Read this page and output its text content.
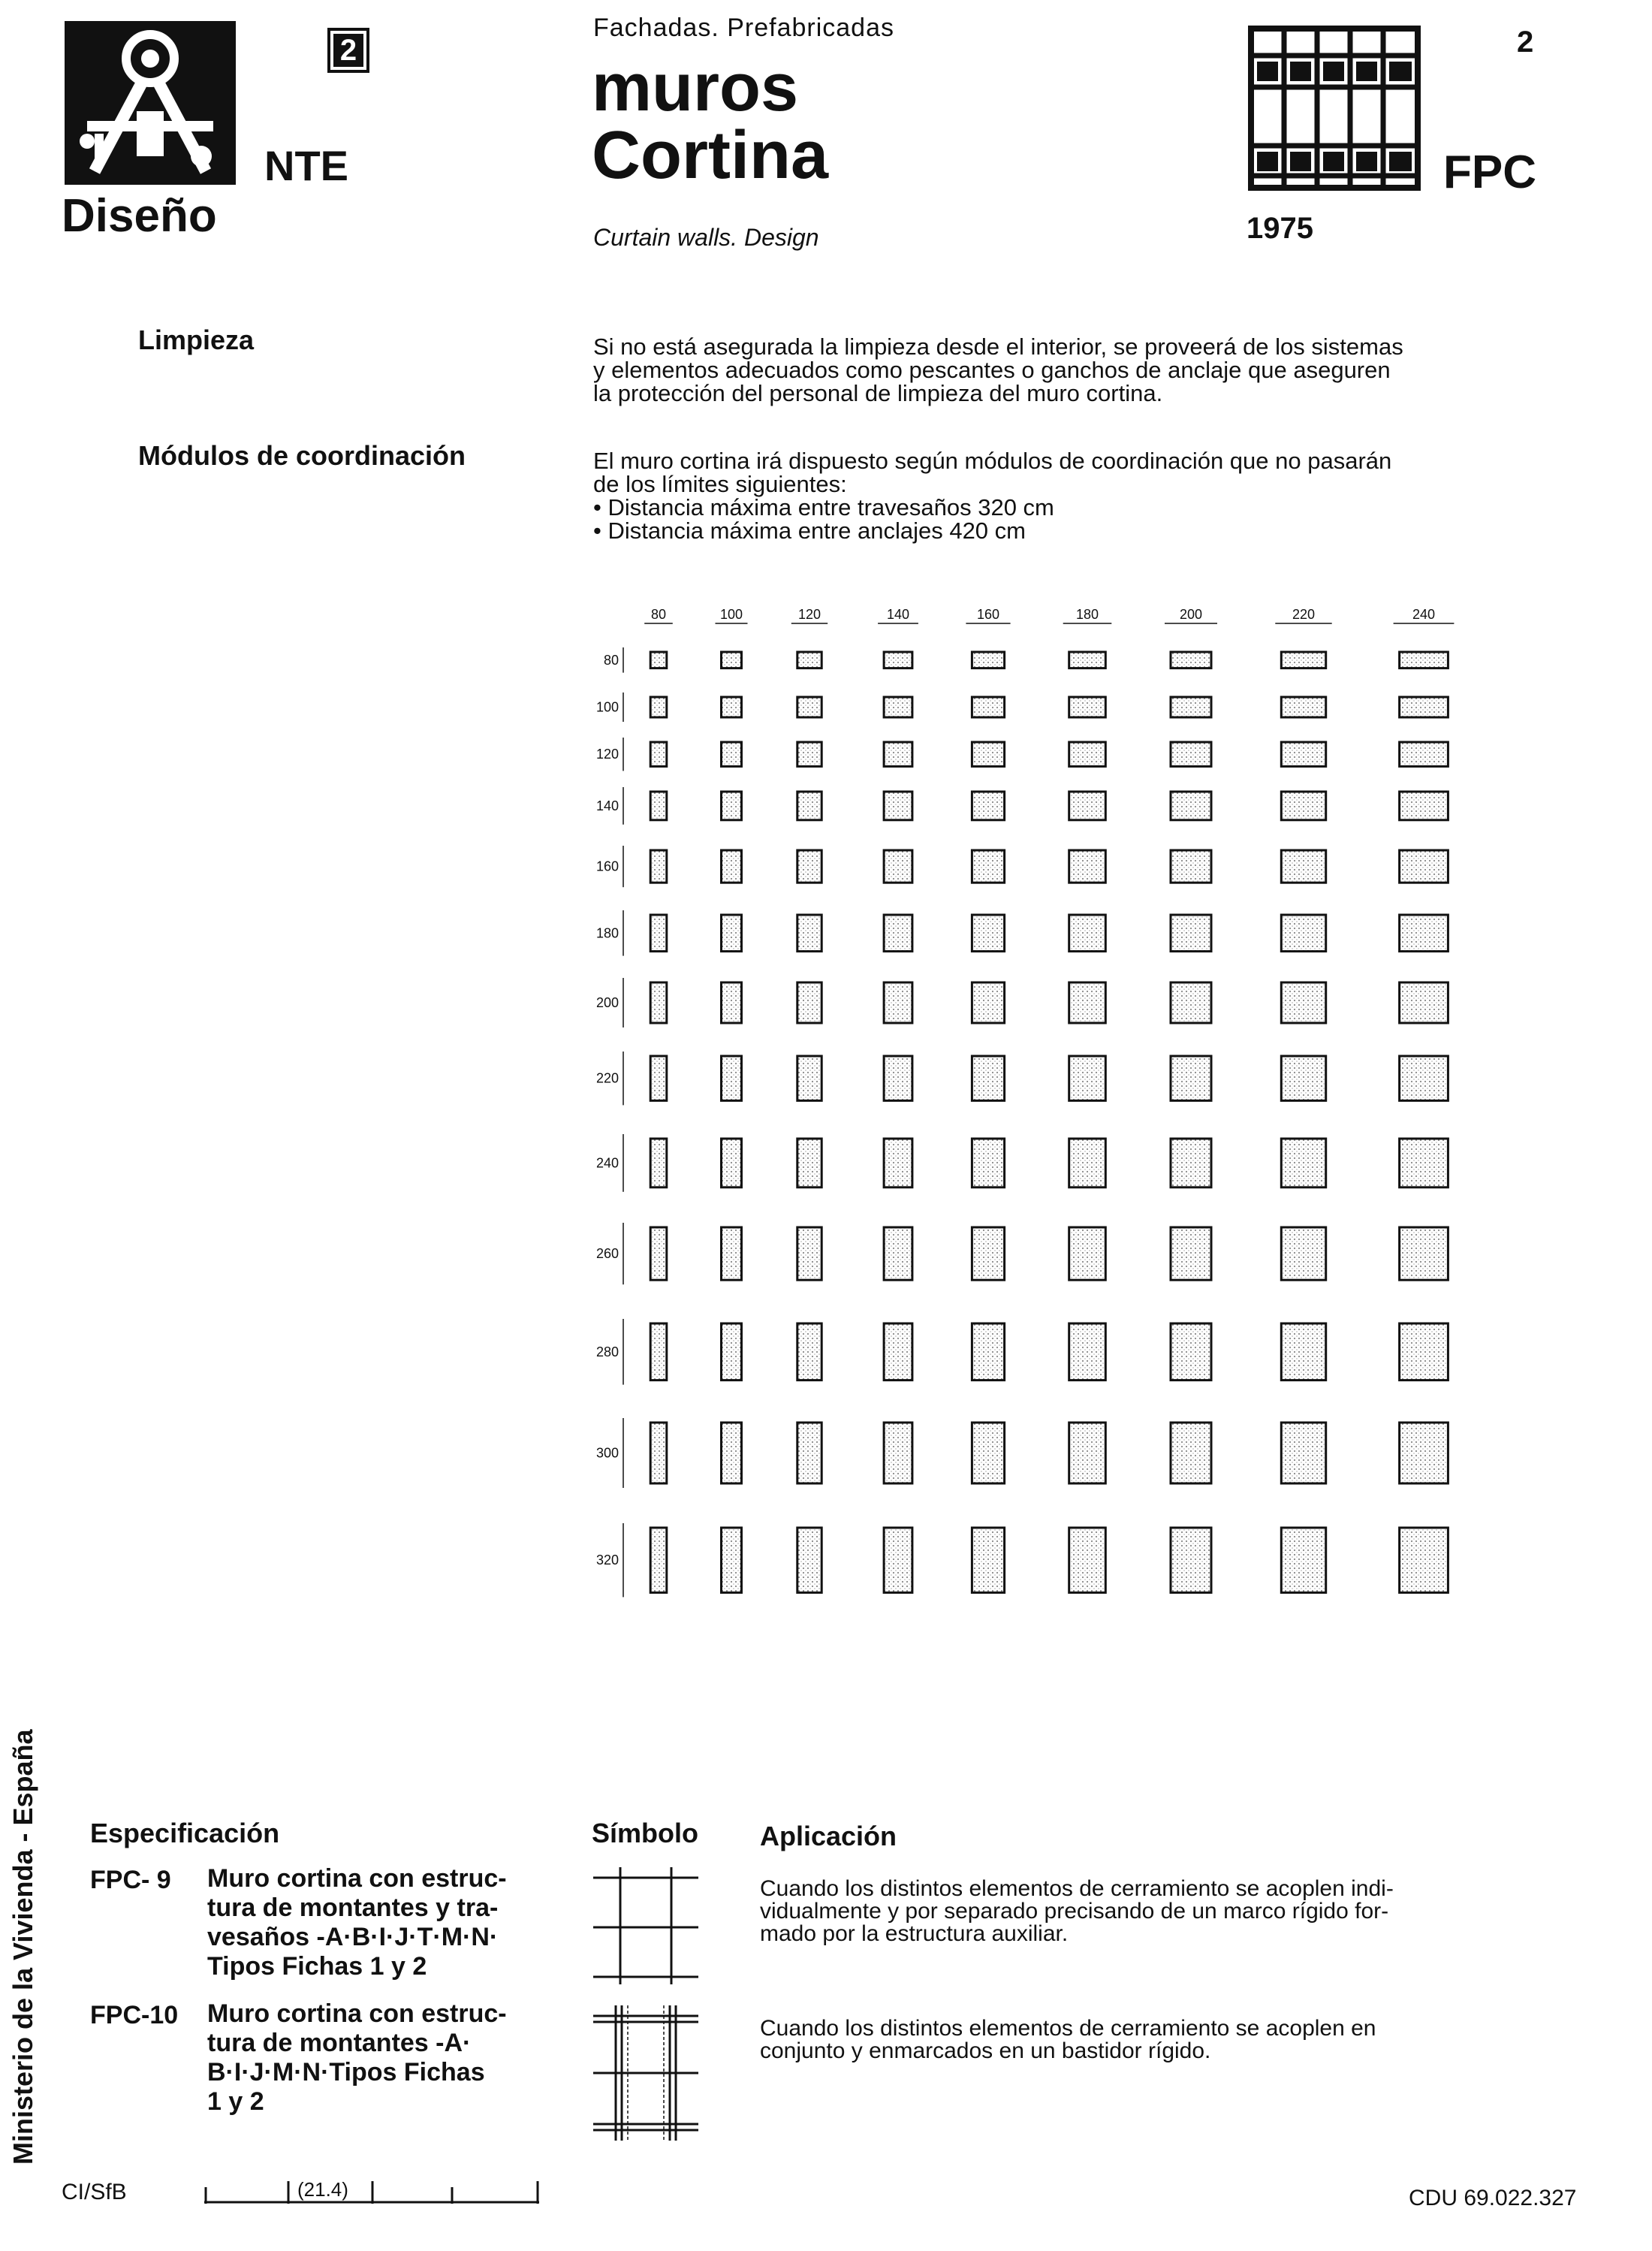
2
NTE
Diseño
Fachadas. Prefabricadas
muros
Cortina
Curtain walls. Design
2
FPC
1975
Limpieza	Si no está asegurada la limpieza desde el interior, se proveerá de los sistemas
y elementos adecuados como pescantes o ganchos de anclaje que aseguren
la protección del personal de limpieza del muro cortina.
Módulos de coordinación	El muro cortina irá dispuesto según módulos de coordinación que no pasarán
de los límites siguientes:
• Distancia máxima entre travesaños 320 cm
• Distancia máxima entre anclajes 420 cm
80	100	120	140	160	180	200	220	240
80
100
120
140
160
180
200
220
240
260
280
300
320
Ministerio de la Vivienda - España Especificación	Símbolo Aplicación
FPC- 9 Muro cortina con estruc-
tura de montantes y tra-
vesaños -A·B·I·J·T·M·N·
Tipos Fichas 1 y 2
Cuando los distintos elementos de cerramiento se acoplen indi-
vidualmente y por separado precisando de un marco rígido for-
mado por la estructura auxiliar.
FPC-10 Muro cortina con estruc-
tura de montantes -A·
B·I·J·M·N·Tipos Fichas
1 y 2
Cuando los distintos elementos de cerramiento se acoplen en
conjunto y enmarcados en un bastidor rígido.
CI/SfB	(21.4)	CDU 69.022.327
